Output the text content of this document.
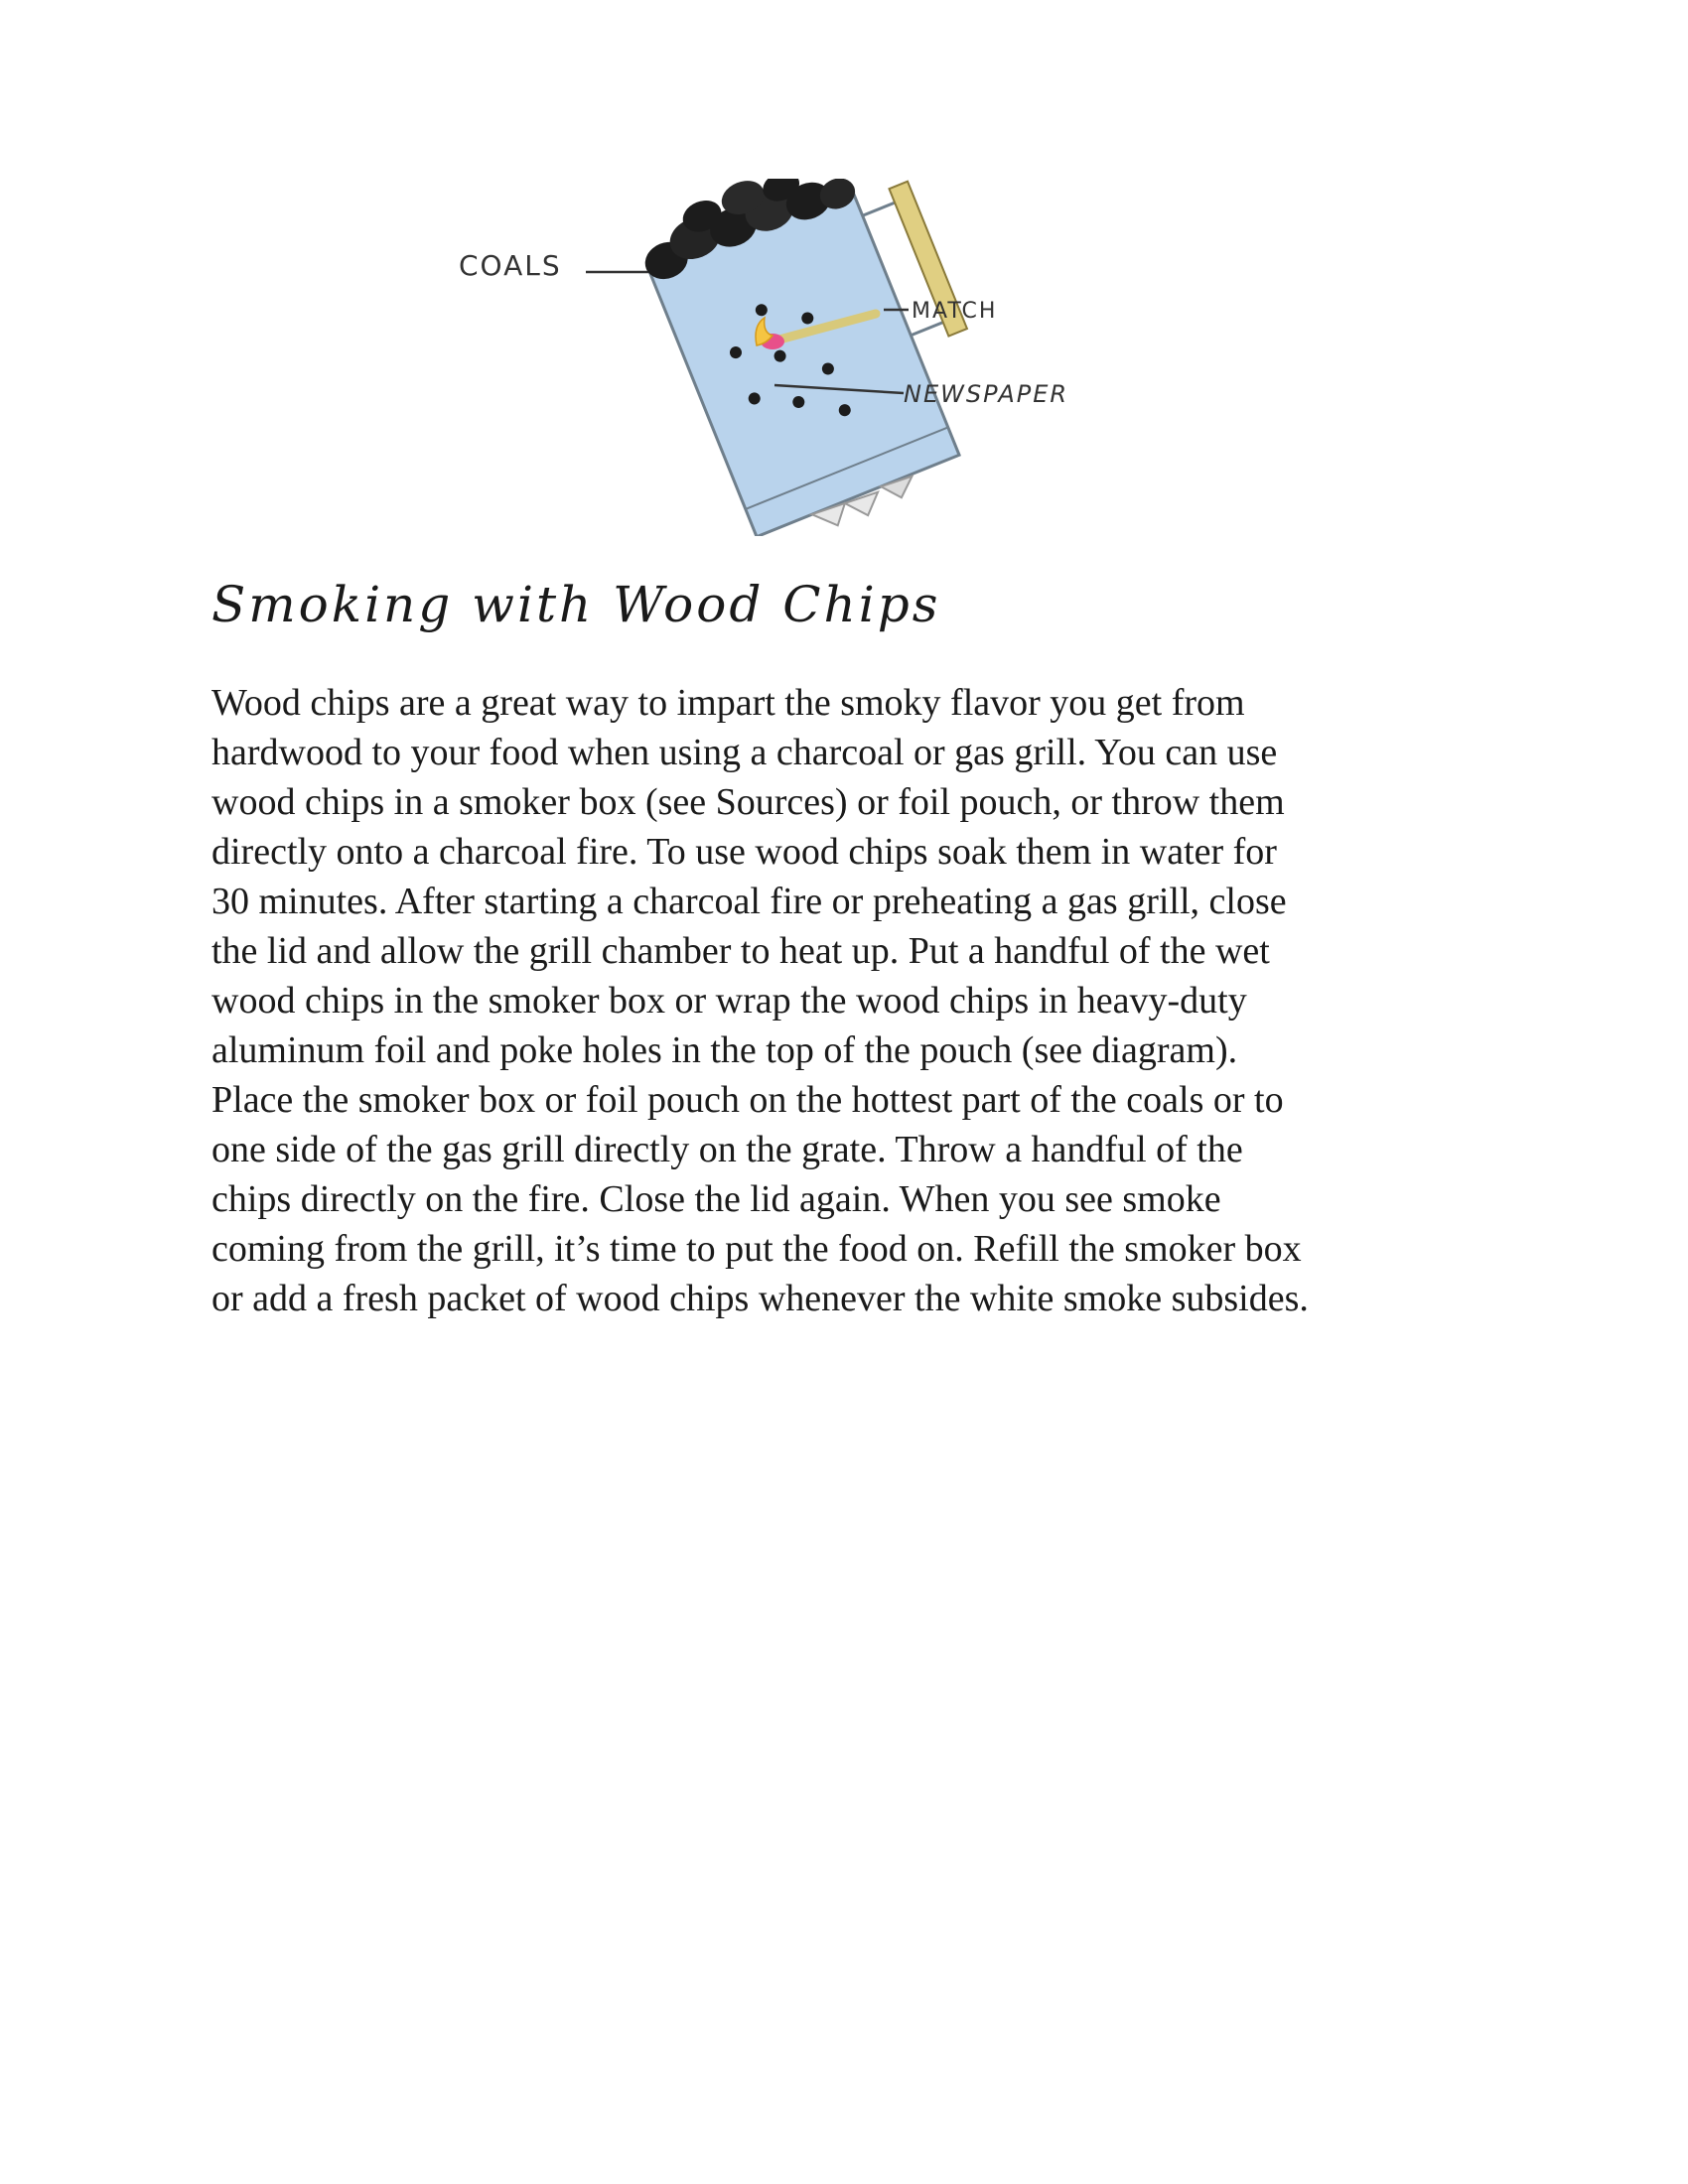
COALS
MATCH
NEWSPAPER
Smoking with Wood Chips
Wood chips are a great way to impart the smoky flavor you get from
hardwood to your food when using a charcoal or gas grill. You can use
wood chips in a smoker box (see Sources) or foil pouch, or throw them
directly onto a charcoal fire. To use wood chips soak them in water for
30 minutes. After starting a charcoal fire or preheating a gas grill, close
the lid and allow the grill chamber to heat up. Put a handful of the wet
wood chips in the smoker box or wrap the wood chips in heavy-duty
aluminum foil and poke holes in the top of the pouch (see diagram).
Place the smoker box or foil pouch on the hottest part of the coals or to
one side of the gas grill directly on the grate. Throw a handful of the
chips directly on the fire. Close the lid again. When you see smoke
coming from the grill, it’s time to put the food on. Refill the smoker box
or add a fresh packet of wood chips whenever the white smoke subsides.
